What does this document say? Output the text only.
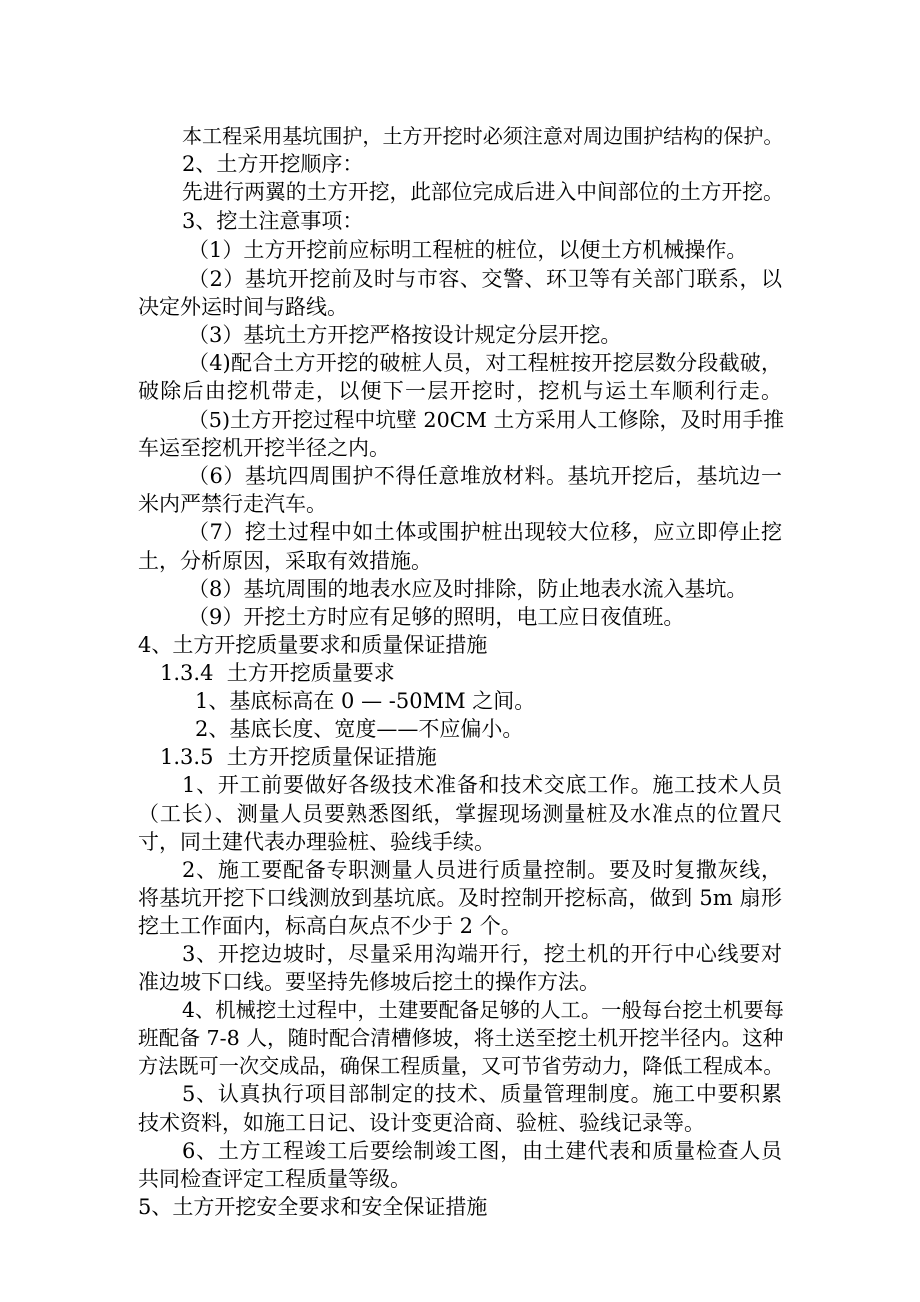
本工程采用基坑围护，土方开挖时必须注意对周边围护结构的保护。
2、土方开挖顺序：
先进行两翼的土方开挖，此部位完成后进入中间部位的土方开挖。
3、挖土注意事项：
（1）土方开挖前应标明工程桩的桩位，以便土方机械操作。
（2）基坑开挖前及时与市容、交警、环卫等有关部门联系，以
决定外运时间与路线。
（3）基坑土方开挖严格按设计规定分层开挖。
（4)配合土方开挖的破桩人员，对工程桩按开挖层数分段截破，
破除后由挖机带走，以便下一层开挖时，挖机与运土车顺利行走。
（5)土方开挖过程中坑壁 20CM 土方采用人工修除，及时用手推
车运至挖机开挖半径之内。
（6）基坑四周围护不得任意堆放材料。基坑开挖后，基坑边一
米内严禁行走汽车。
（7）挖土过程中如土体或围护桩出现较大位移，应立即停止挖
土，分析原因，采取有效措施。
（8）基坑周围的地表水应及时排除，防止地表水流入基坑。
（9）开挖土方时应有足够的照明，电工应日夜值班。
4、土方开挖质量要求和质量保证措施
1.3.4  土方开挖质量要求
1、基底标高在 0 — -50MM 之间。
2、基底长度、宽度——不应偏小。
1.3.5  土方开挖质量保证措施
1、开工前要做好各级技术准备和技术交底工作。施工技术人员
（工长）、测量人员要熟悉图纸，掌握现场测量桩及水准点的位置尺
寸，同土建代表办理验桩、验线手续。
2、施工要配备专职测量人员进行质量控制。要及时复撒灰线，
将基坑开挖下口线测放到基坑底。及时控制开挖标高，做到 5m 扇形
挖土工作面内，标高白灰点不少于 2 个。
3、开挖边坡时，尽量采用沟端开行，挖土机的开行中心线要对
准边坡下口线。要坚持先修坡后挖土的操作方法。
4、机械挖土过程中，土建要配备足够的人工。一般每台挖土机要每
班配备 7-8 人，随时配合清槽修坡，将土送至挖土机开挖半径内。这种
方法既可一次交成品，确保工程质量，又可节省劳动力，降低工程成本。
5、认真执行项目部制定的技术、质量管理制度。施工中要积累
技术资料，如施工日记、设计变更洽商、验桩、验线记录等。
6、土方工程竣工后要绘制竣工图，由土建代表和质量检查人员
共同检查评定工程质量等级。
5、土方开挖安全要求和安全保证措施
